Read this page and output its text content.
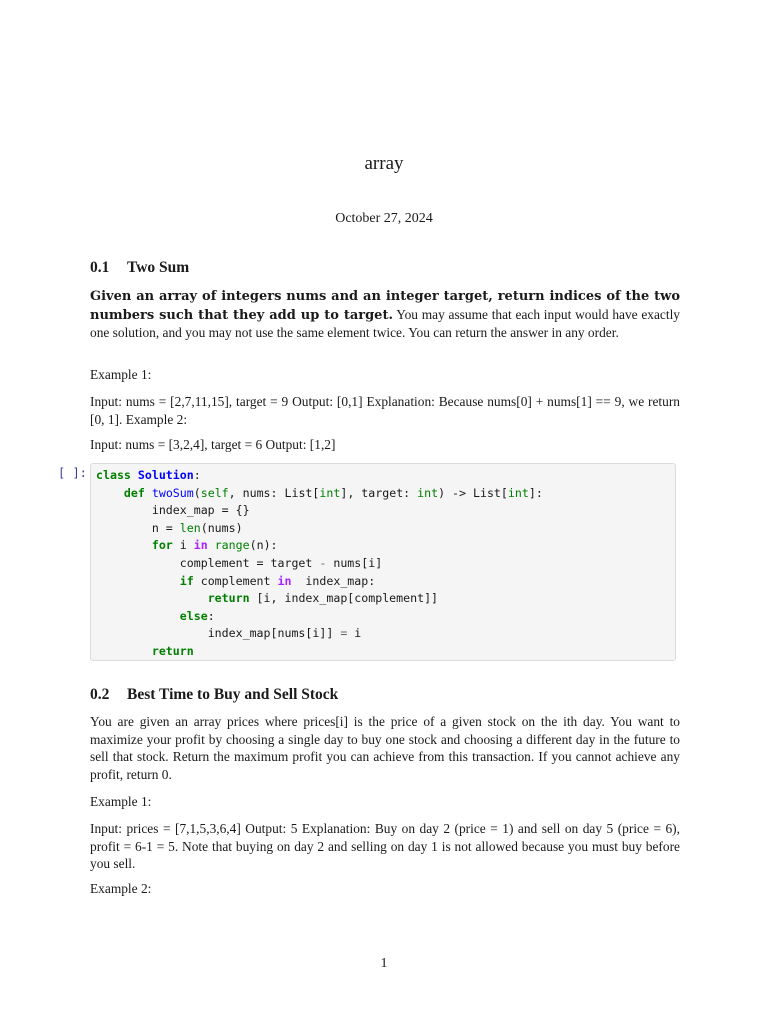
array
October 27, 2024
0.1 Two Sum
Given an array of integers nums and an integer target, return indices of the two numbers such that they add up to target. You may assume that each input would have exactly one solution, and you may not use the same element twice. You can return the answer in any order.
Example 1:
Input: nums = [2,7,11,15], target = 9 Output: [0,1] Explanation: Because nums[0] + nums[1] == 9, we return [0, 1]. Example 2:
Input: nums = [3,2,4], target = 6 Output: [1,2]
[ ]: class Solution:
def twoSum(self, nums: List[int], target: int) -> List[int]:
index_map = {}
n = len(nums)
for i in range(n):
complement = target - nums[i]
if complement in  index_map:
return [i, index_map[complement]]
else:
index_map[nums[i]] = i
return
0.2 Best Time to Buy and Sell Stock
You are given an array prices where prices[i] is the price of a given stock on the ith day. You want to maximize your profit by choosing a single day to buy one stock and choosing a different day in the future to sell that stock. Return the maximum profit you can achieve from this transaction. If you cannot achieve any profit, return 0.
Example 1:
Input: prices = [7,1,5,3,6,4] Output: 5 Explanation: Buy on day 2 (price = 1) and sell on day 5 (price = 6), profit = 6-1 = 5. Note that buying on day 2 and selling on day 1 is not allowed because you must buy before you sell.
Example 2:
1
